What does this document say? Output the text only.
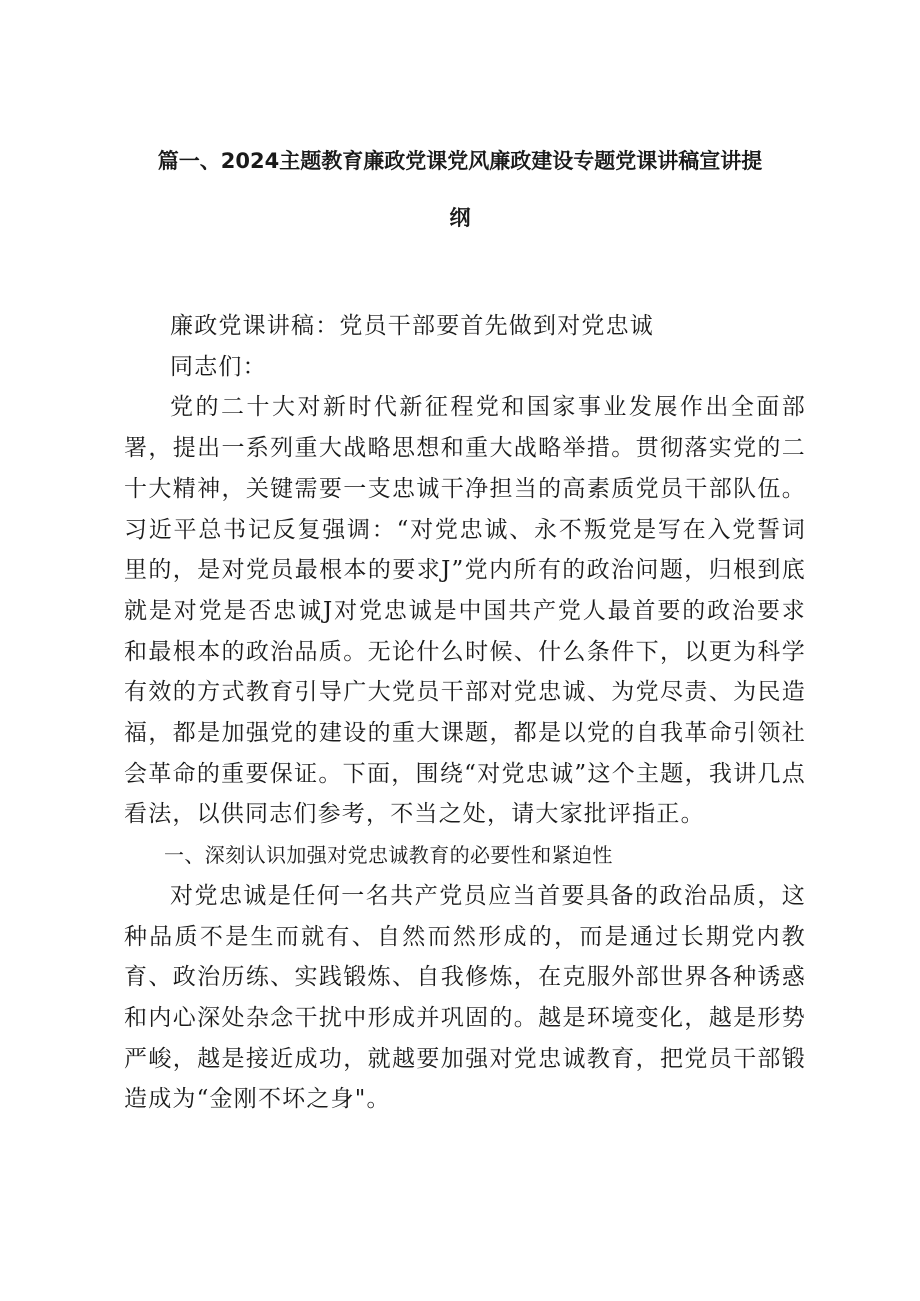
篇一、2024主题教育廉政党课党风廉政建设专题党课讲稿宣讲提
纲

廉政党课讲稿：党员干部要首先做到对党忠诚

同志们：

党的二十大对新时代新征程党和国家事业发展作出全面部署，提出一系列重大战略思想和重大战略举措。贯彻落实党的二十大精神，关键需要一支忠诚干净担当的高素质党员干部队伍。习近平总书记反复强调：“对党忠诚、永不叛党是写在入党誓词里的，是对党员最根本的要求J”党内所有的政治问题，归根到底就是对党是否忠诚J对党忠诚是中国共产党人最首要的政治要求和最根本的政治品质。无论什么时候、什么条件下，以更为科学有效的方式教育引导广大党员干部对党忠诚、为党尽责、为民造福，都是加强党的建设的重大课题，都是以党的自我革命引领社会革命的重要保证。下面，围绕“对党忠诚”这个主题，我讲几点看法，以供同志们参考，不当之处，请大家批评指正。

一、深刻认识加强对党忠诚教育的必要性和紧迫性

对党忠诚是任何一名共产党员应当首要具备的政治品质，这种品质不是生而就有、自然而然形成的，而是通过长期党内教育、政治历练、实践锻炼、自我修炼，在克服外部世界各种诱惑和内心深处杂念干扰中形成并巩固的。越是环境变化，越是形势严峻，越是接近成功，就越要加强对党忠诚教育，把党员干部锻造成为“金刚不坏之身"。
